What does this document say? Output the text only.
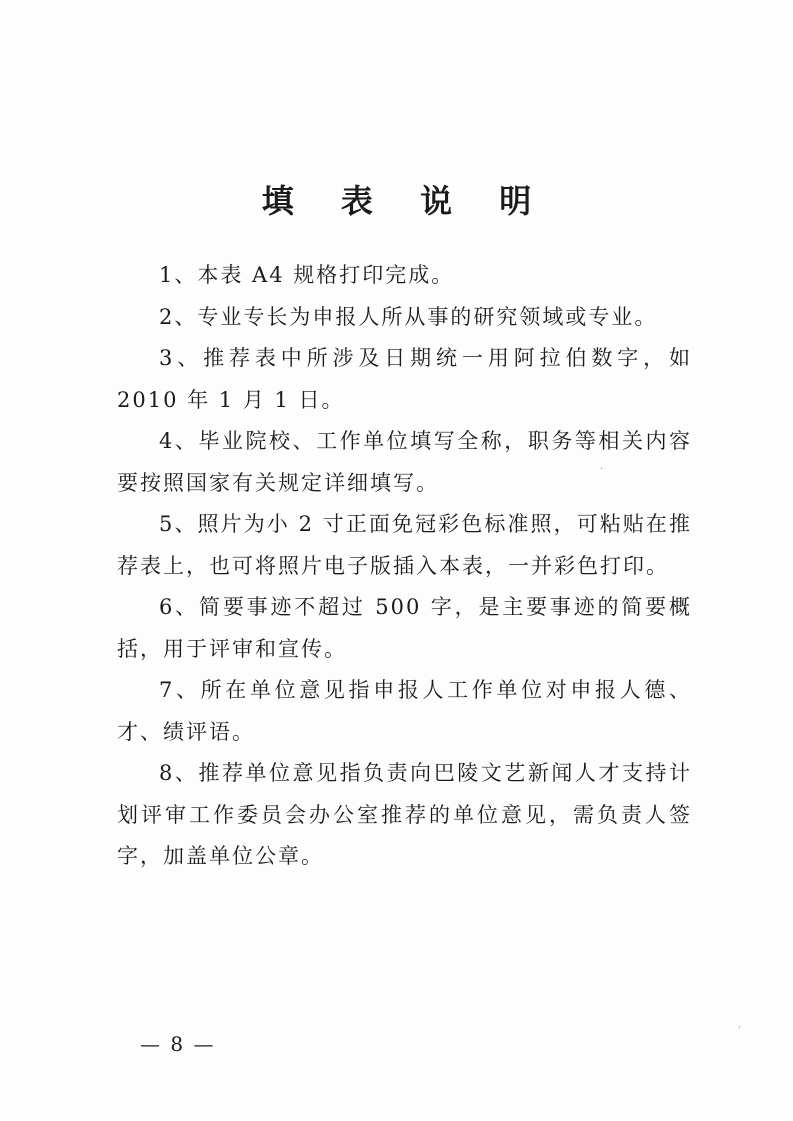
填 表 说 明

1、本表 A4 规格打印完成。

2、专业专长为申报人所从事的研究领域或专业。

3、推荐表中所涉及日期统一用阿拉伯数字，如 2010 年 1 月 1 日。

4、毕业院校、工作单位填写全称，职务等相关内容要按照国家有关规定详细填写。

5、照片为小 2 寸正面免冠彩色标准照，可粘贴在推荐表上，也可将照片电子版插入本表，一并彩色打印。

6、简要事迹不超过 500 字，是主要事迹的简要概括，用于评审和宣传。

7、所在单位意见指申报人工作单位对申报人德、才、绩评语。

8、推荐单位意见指负责向巴陵文艺新闻人才支持计划评审工作委员会办公室推荐的单位意见，需负责人签字，加盖单位公章。

— 8 —
·
ˋ
